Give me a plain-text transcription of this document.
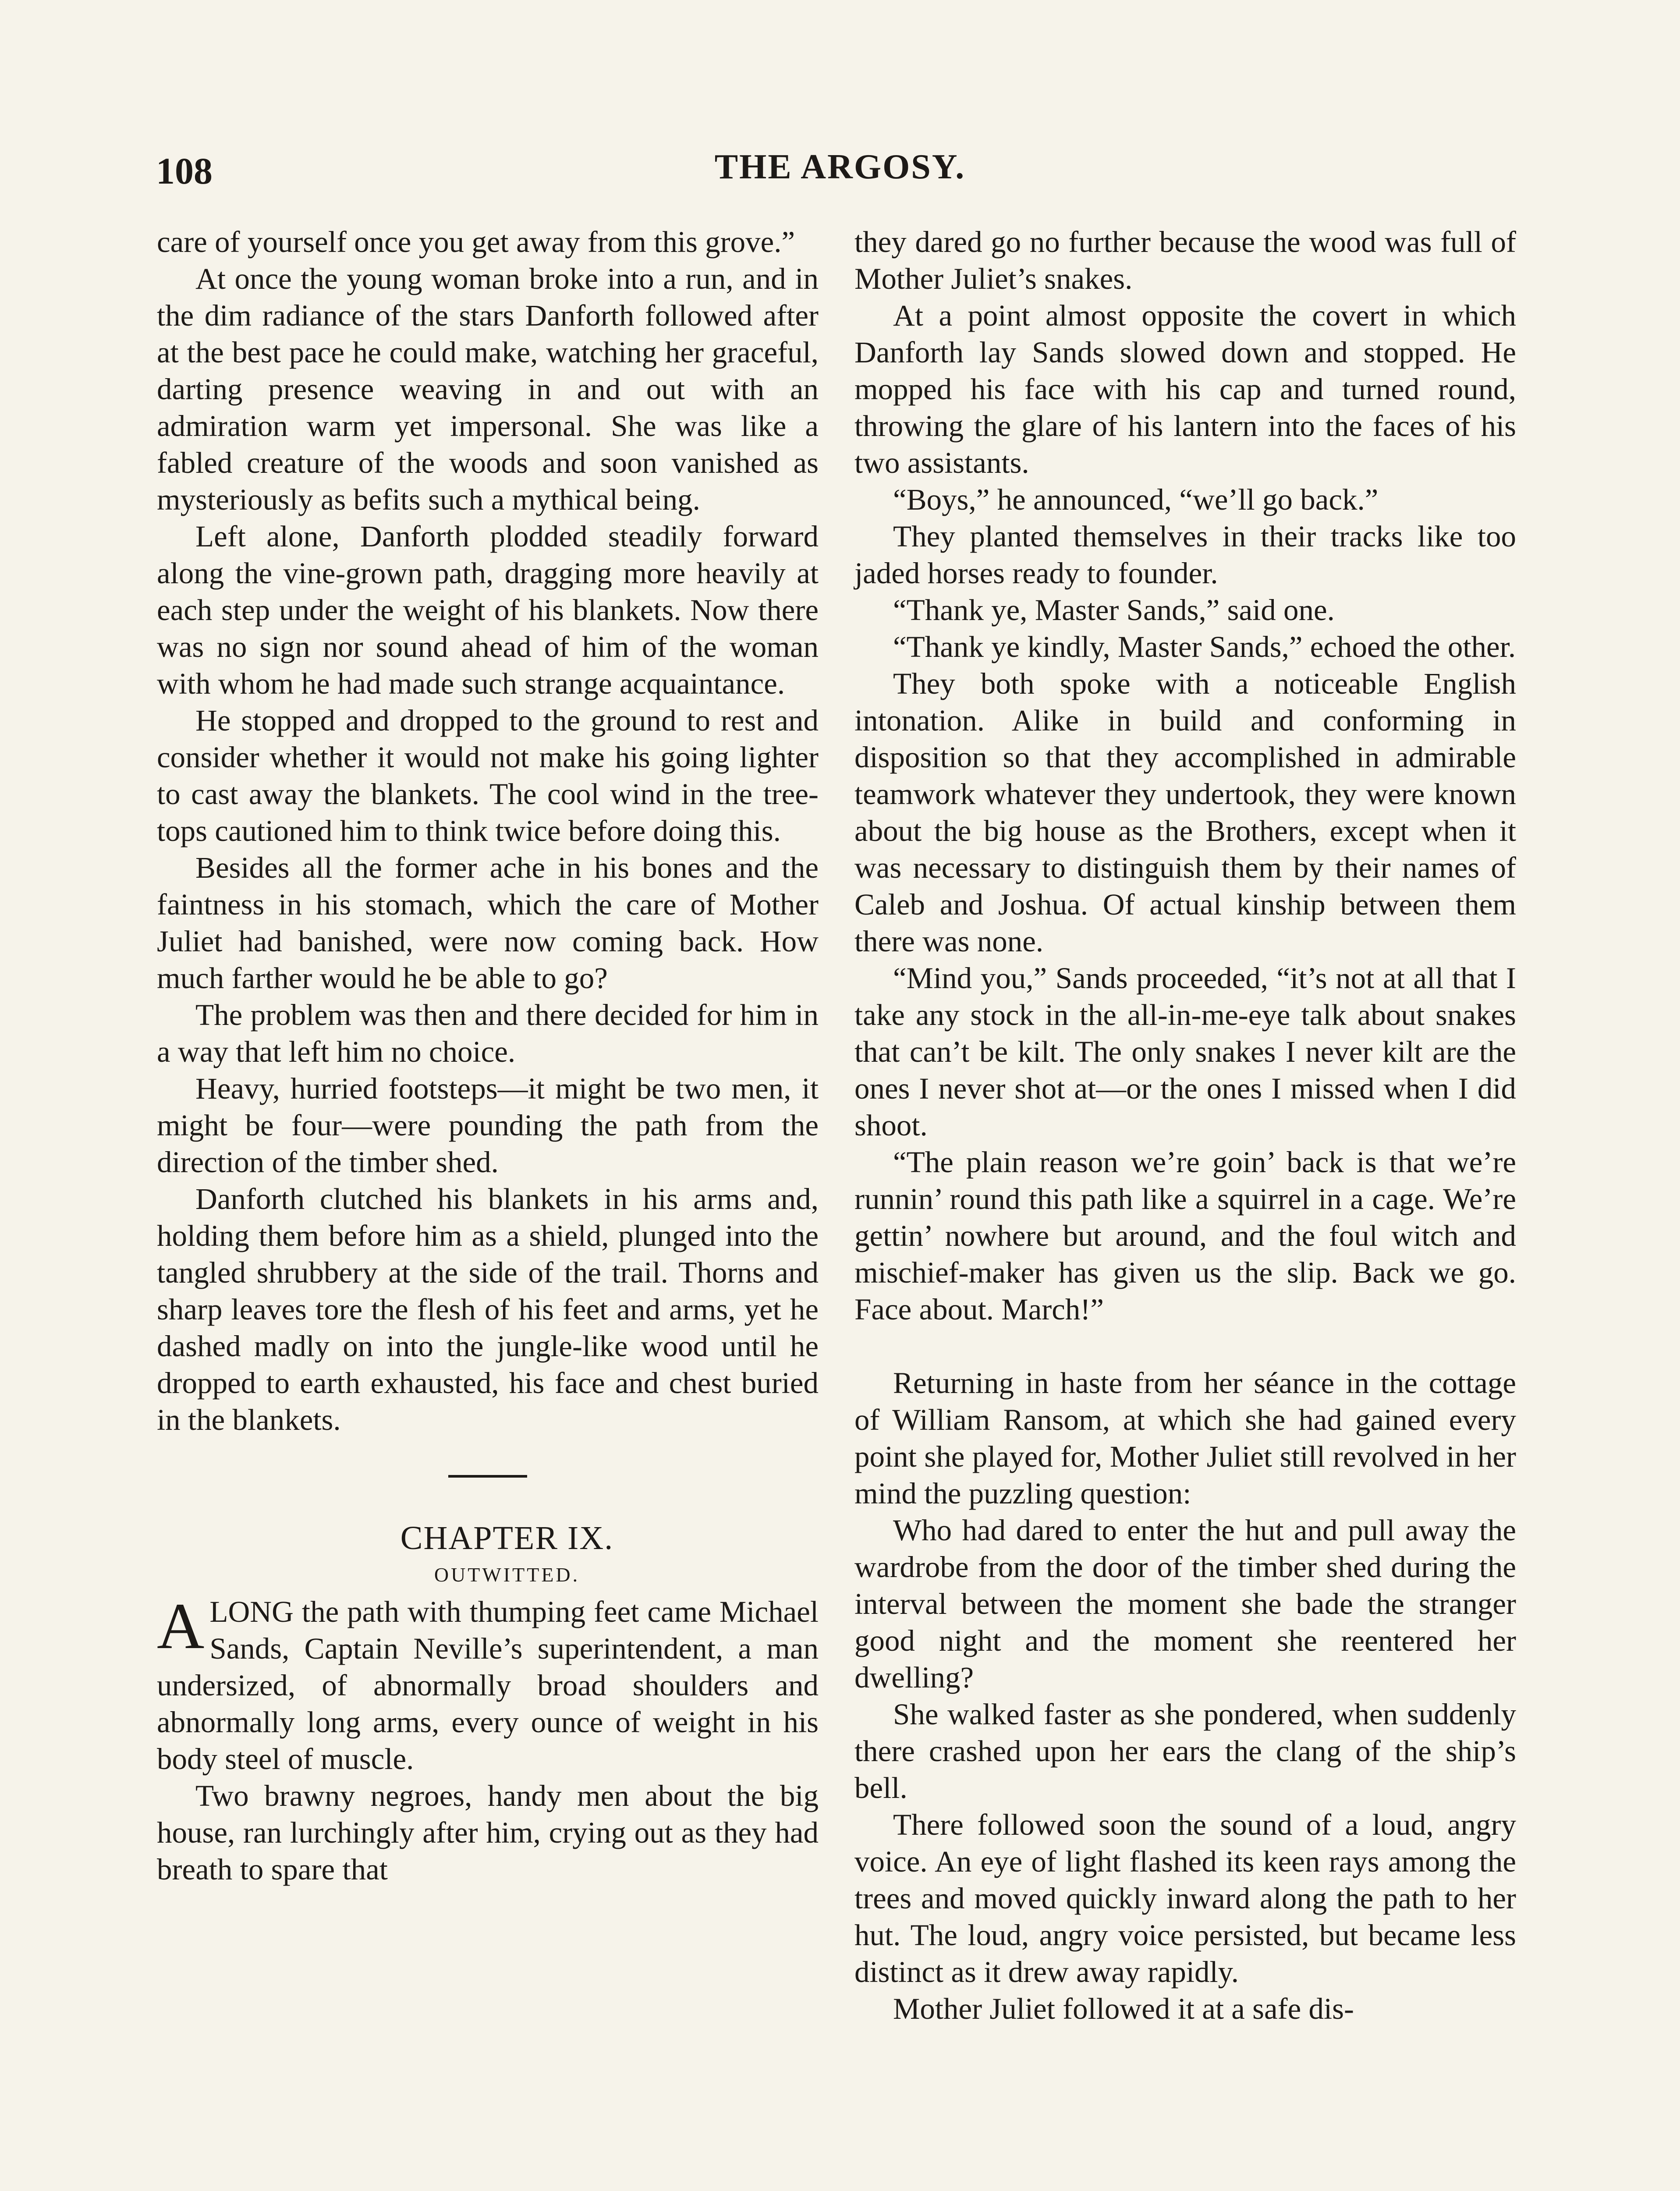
108	THE ARGOSY.

care of yourself once you get away from this grove.”

At once the young woman broke into a run, and in the dim radiance of the stars Danforth followed after at the best pace he could make, watching her graceful, darting presence weaving in and out with an admiration warm yet impersonal. She was like a fabled creature of the woods and soon vanished as mysteriously as befits such a mythical being.

Left alone, Danforth plodded steadily forward along the vine-grown path, dragging more heavily at each step under the weight of his blankets. Now there was no sign nor sound ahead of him of the woman with whom he had made such strange acquaintance.

He stopped and dropped to the ground to rest and consider whether it would not make his going lighter to cast away the blankets. The cool wind in the tree-tops cautioned him to think twice before doing this.

Besides all the former ache in his bones and the faintness in his stomach, which the care of Mother Juliet had banished, were now coming back. How much farther would he be able to go?

The problem was then and there decided for him in a way that left him no choice.

Heavy, hurried footsteps—it might be two men, it might be four—were pounding the path from the direction of the timber shed.

Danforth clutched his blankets in his arms and, holding them before him as a shield, plunged into the tangled shrubbery at the side of the trail. Thorns and sharp leaves tore the flesh of his feet and arms, yet he dashed madly on into the jungle-like wood until he dropped to earth exhausted, his face and chest buried in the blankets.

CHAPTER IX.

OUTWITTED.

ALONG the path with thumping feet came Michael Sands, Captain Neville’s superintendent, a man undersized, of abnormally broad shoulders and abnormally long arms, every ounce of weight in his body steel of muscle.

Two brawny negroes, handy men about the big house, ran lurchingly after him, crying out as they had breath to spare that

they dared go no further because the wood was full of Mother Juliet’s snakes.

At a point almost opposite the covert in which Danforth lay Sands slowed down and stopped. He mopped his face with his cap and turned round, throwing the glare of his lantern into the faces of his two assistants.

“Boys,” he announced, “we’ll go back.”

They planted themselves in their tracks like too jaded horses ready to founder.

“Thank ye, Master Sands,” said one.

“Thank ye kindly, Master Sands,” echoed the other.

They both spoke with a noticeable English intonation. Alike in build and conforming in disposition so that they accomplished in admirable teamwork whatever they undertook, they were known about the big house as the Brothers, except when it was necessary to distinguish them by their names of Caleb and Joshua. Of actual kinship between them there was none.

“Mind you,” Sands proceeded, “it’s not at all that I take any stock in the all-in-me-eye talk about snakes that can’t be kilt. The only snakes I never kilt are the ones I never shot at—or the ones I missed when I did shoot.

“The plain reason we’re goin’ back is that we’re runnin’ round this path like a squirrel in a cage. We’re gettin’ nowhere but around, and the foul witch and mischief-maker has given us the slip. Back we go. Face about. March!”

Returning in haste from her séance in the cottage of William Ransom, at which she had gained every point she played for, Mother Juliet still revolved in her mind the puzzling question:

Who had dared to enter the hut and pull away the wardrobe from the door of the timber shed during the interval between the moment she bade the stranger good night and the moment she reentered her dwelling?

She walked faster as she pondered, when suddenly there crashed upon her ears the clang of the ship’s bell.

There followed soon the sound of a loud, angry voice. An eye of light flashed its keen rays among the trees and moved quickly inward along the path to her hut. The loud, angry voice persisted, but became less distinct as it drew away rapidly.

Mother Juliet followed it at a safe dis-
